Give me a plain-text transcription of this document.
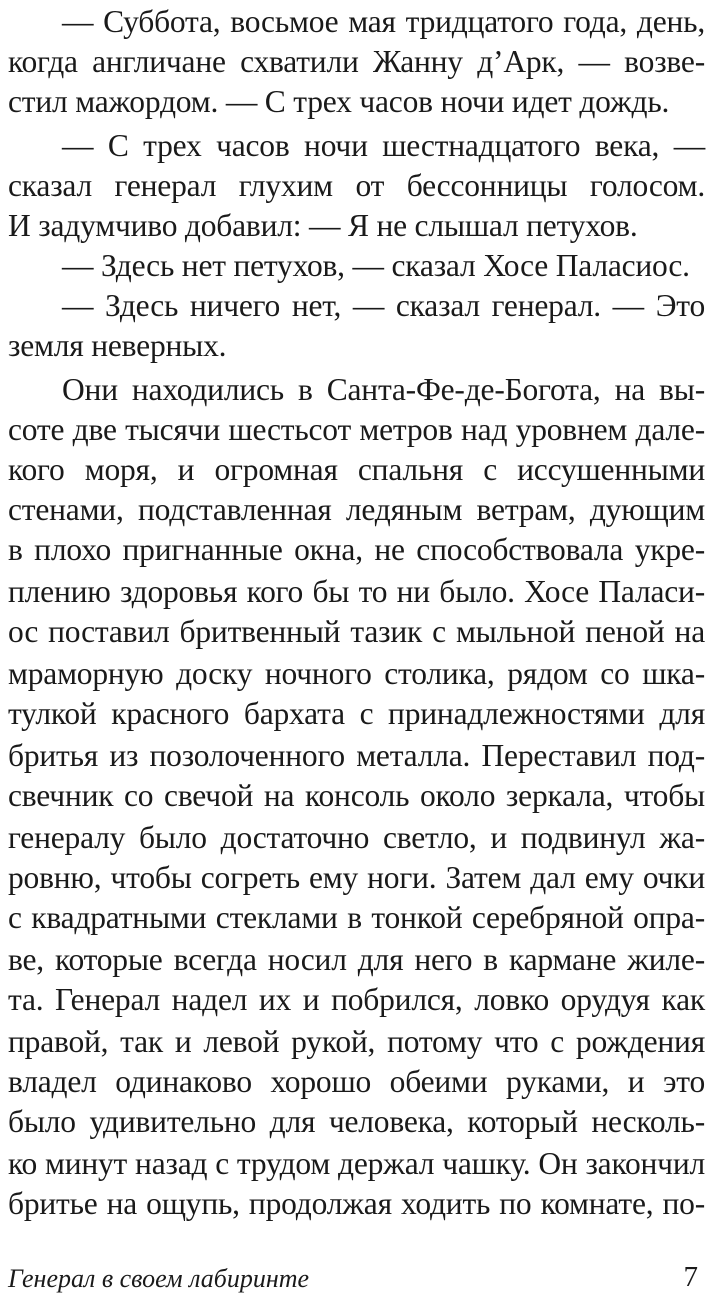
— Суббота, восьмое мая тридцатого года, день,
когда англичане схватили Жанну д’Арк, — возве-
стил мажордом. — С трех часов ночи идет дождь.
— С трех часов ночи шестнадцатого века, —
сказал генерал глухим от бессонницы голосом.
И задумчиво добавил: — Я не слышал петухов.
— Здесь нет петухов, — сказал Хосе Паласиос.
— Здесь ничего нет, — сказал генерал. — Это
земля неверных.
Они находились в Санта-Фе-де-Богота, на вы-
соте две тысячи шестьсот метров над уровнем дале-
кого моря, и огромная спальня с иссушенными
стенами, подставленная ледяным ветрам, дующим
в плохо пригнанные окна, не способствовала укре-
плению здоровья кого бы то ни было. Хосе Паласи-
ос поставил бритвенный тазик с мыльной пеной на
мраморную доску ночного столика, рядом со шка-
тулкой красного бархата с принадлежностями для
бритья из позолоченного металла. Переставил под-
свечник со свечой на консоль около зеркала, чтобы
генералу было достаточно светло, и подвинул жа-
ровню, чтобы согреть ему ноги. Затем дал ему очки
с квадратными стеклами в тонкой серебряной опра-
ве, которые всегда носил для него в кармане жиле-
та. Генерал надел их и побрился, ловко орудуя как
правой, так и левой рукой, потому что с рождения
владел одинаково хорошо обеими руками, и это
было удивительно для человека, который несколь-
ко минут назад с трудом держал чашку. Он закончил
бритье на ощупь, продолжая ходить по комнате, по-
Генерал в своем лабиринте	7
